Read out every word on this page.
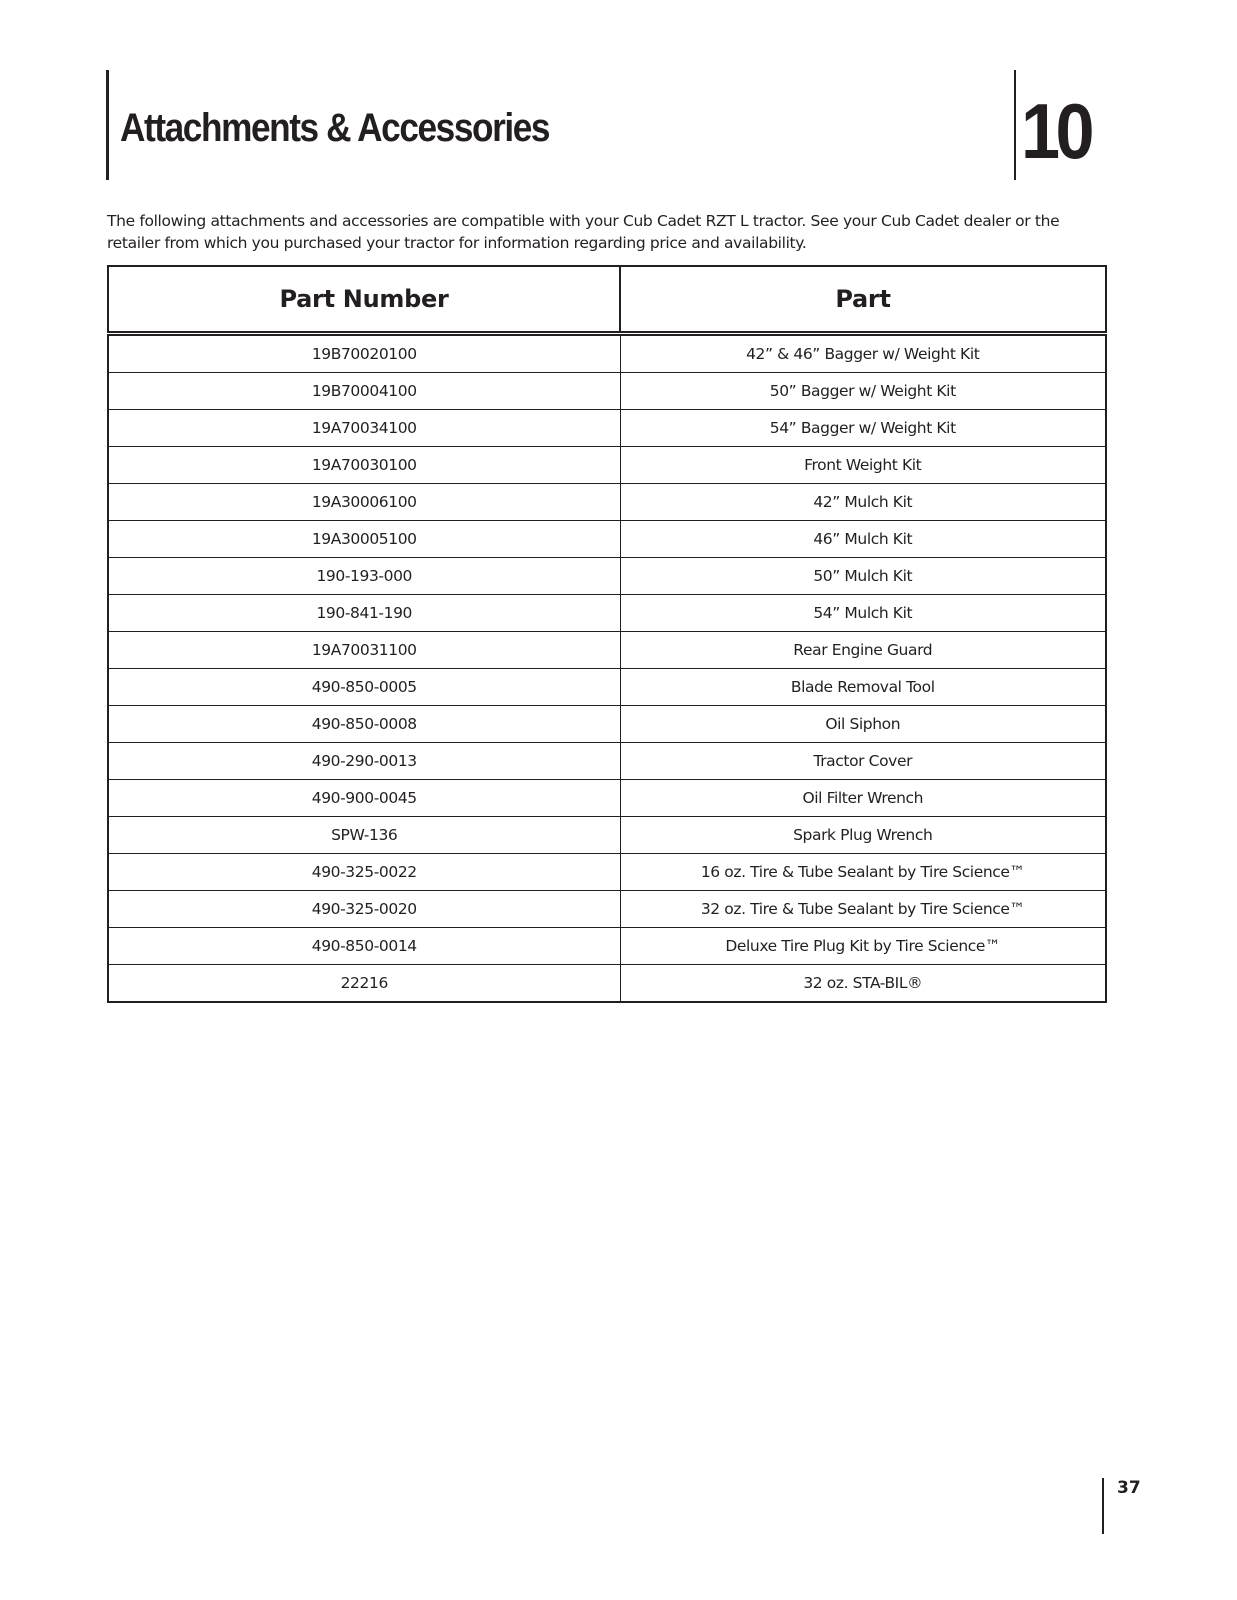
Attachments & Accessories	10

The following attachments and accessories are compatible with your Cub Cadet RZT L tractor. See your Cub Cadet dealer or the retailer from which you purchased your tractor for information regarding price and availability.

Part Number	Part
19B70020100	42” & 46” Bagger w/ Weight Kit
19B70004100	50” Bagger w/ Weight Kit
19A70034100	54” Bagger w/ Weight Kit
19A70030100	Front Weight Kit
19A30006100	42” Mulch Kit
19A30005100	46” Mulch Kit
190-193-000	50” Mulch Kit
190-841-190	54” Mulch Kit
19A70031100	Rear Engine Guard
490-850-0005	Blade Removal Tool
490-850-0008	Oil Siphon
490-290-0013	Tractor Cover
490-900-0045	Oil Filter Wrench
SPW-136	Spark Plug Wrench
490-325-0022	16 oz. Tire & Tube Sealant by Tire Science™
490-325-0020	32 oz. Tire & Tube Sealant by Tire Science™
490-850-0014	Deluxe Tire Plug Kit by Tire Science™
22216	32 oz. STA-BIL®
37
